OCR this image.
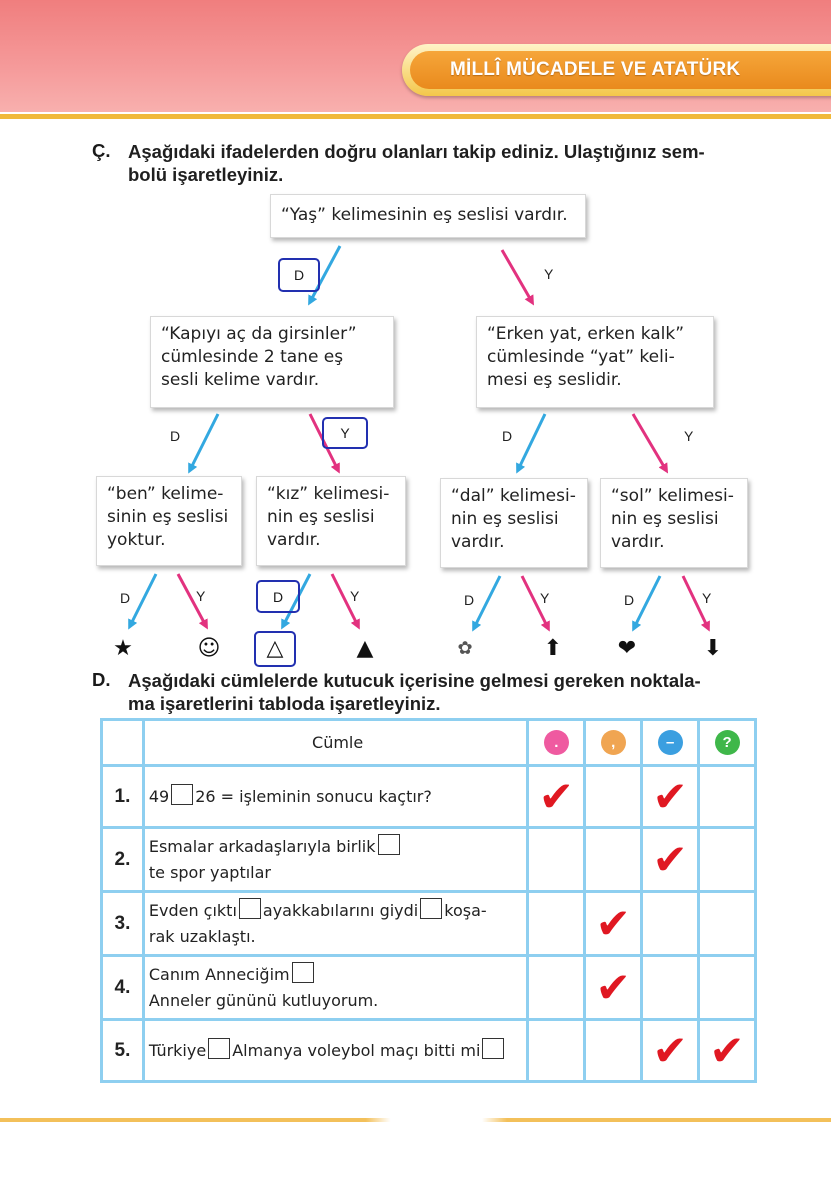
MİLLÎ MÜCADELE VE ATATÜRK
Ç. Aşağıdaki ifadelerden doğru olanları takip ediniz. Ulaştığınız sem-
bolü işaretleyiniz.
“Yaş” kelimesinin eş seslisi vardır.
D	Y
“Kapıyı aç da girsinler”
cümlesinde 2 tane eş
sesli kelime vardır.
“Erken yat, erken kalk”
cümlesinde “yat” keli-
mesi eş seslidir.
D	Y	D	Y
“ben” kelime-
sinin eş seslisi
yoktur.
“kız” kelimesi-
nin eş seslisi
vardır.
“dal” kelimesi-
nin eş seslisi
vardır.
“sol” kelimesi-
nin eş seslisi
vardır.
D	Y	D	Y	D	Y	D	Y
★	☺ △	▲	✿	⬆	❤	⬇
D. Aşağıdaki cümlelerde kutucuk içerisine gelmesi gereken noktala-
ma işaretlerini tabloda işaretleyiniz.
	Cümle	.	,	–	?
1.	49 26 = işleminin sonucu kaçtır?	✔		✔	
2.	Esmalar arkadaşlarıyla birlik
te spor yaptılar			✔	
3.	Evden çıktı ayakkabılarını giydi koşa-
rak uzaklaştı.		✔		
4.	Canım Anneciğim
Anneler gününü kutluyorum.		✔		
5.	Türkiye Almanya voleybol maçı bitti mi			✔	✔
